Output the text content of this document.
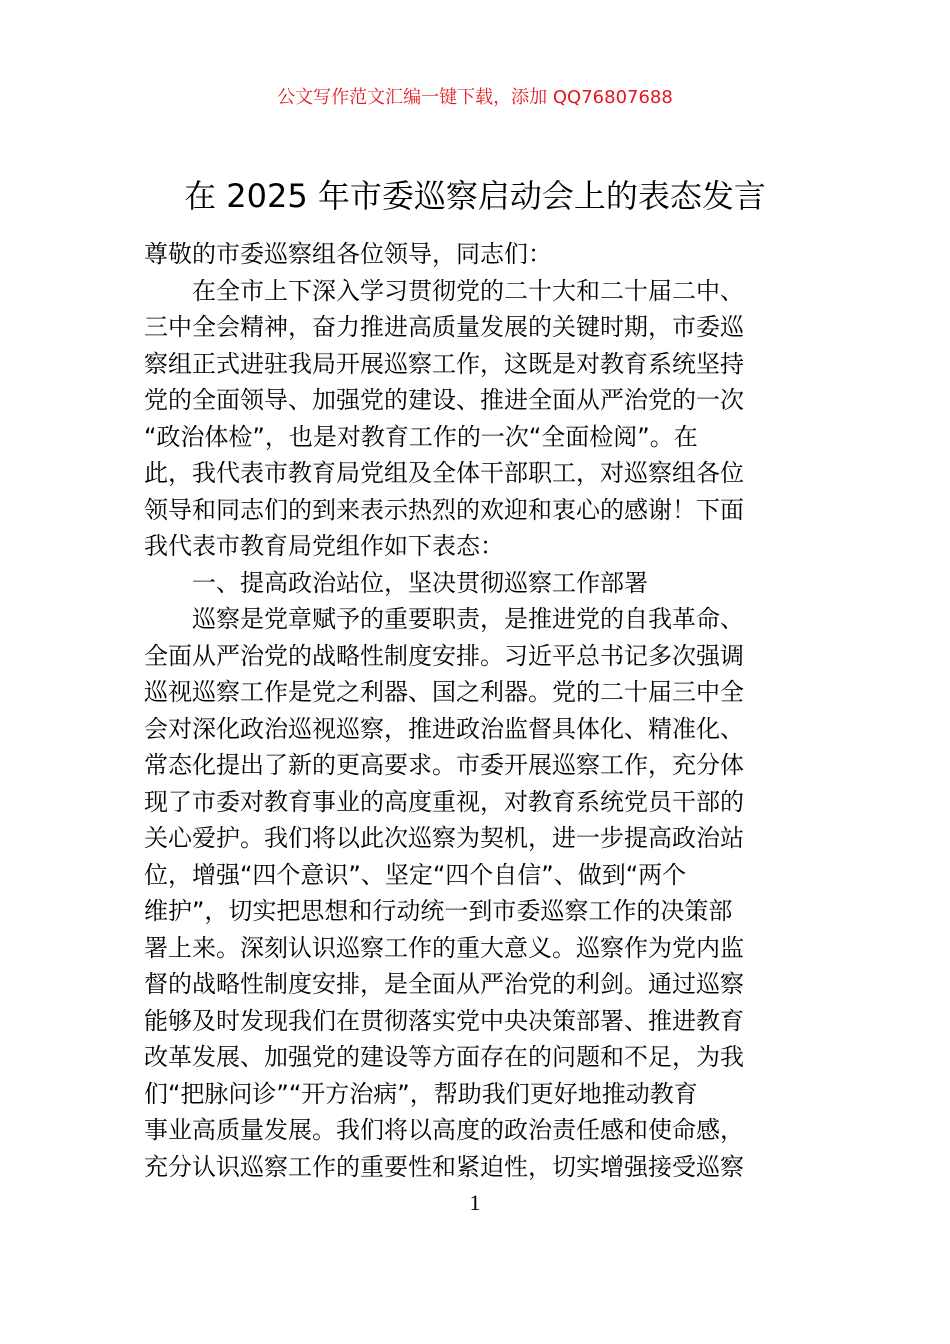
公文写作范文汇编一键下载，添加 QQ76807688
在 2025 年市委巡察启动会上的表态发言
尊敬的市委巡察组各位领导，同志们：
　　在全市上下深入学习贯彻党的二十大和二十届二中、
三中全会精神，奋力推进高质量发展的关键时期，市委巡
察组正式进驻我局开展巡察工作，这既是对教育系统坚持
党的全面领导、加强党的建设、推进全面从严治党的一次
“政治体检”，也是对教育工作的一次“全面检阅”。在
此，我代表市教育局党组及全体干部职工，对巡察组各位
领导和同志们的到来表示热烈的欢迎和衷心的感谢！下面
我代表市教育局党组作如下表态：
　　一、提高政治站位，坚决贯彻巡察工作部署
　　巡察是党章赋予的重要职责，是推进党的自我革命、
全面从严治党的战略性制度安排。习近平总书记多次强调
巡视巡察工作是党之利器、国之利器。党的二十届三中全
会对深化政治巡视巡察，推进政治监督具体化、精准化、
常态化提出了新的更高要求。市委开展巡察工作，充分体
现了市委对教育事业的高度重视，对教育系统党员干部的
关心爱护。我们将以此次巡察为契机，进一步提高政治站
位，增强“四个意识”、坚定“四个自信”、做到“两个
维护”，切实把思想和行动统一到市委巡察工作的决策部
署上来。深刻认识巡察工作的重大意义。巡察作为党内监
督的战略性制度安排，是全面从严治党的利剑。通过巡察
能够及时发现我们在贯彻落实党中央决策部署、推进教育
改革发展、加强党的建设等方面存在的问题和不足，为我
们“把脉问诊”“开方治病”，帮助我们更好地推动教育
事业高质量发展。我们将以高度的政治责任感和使命感，
充分认识巡察工作的重要性和紧迫性，切实增强接受巡察
1
